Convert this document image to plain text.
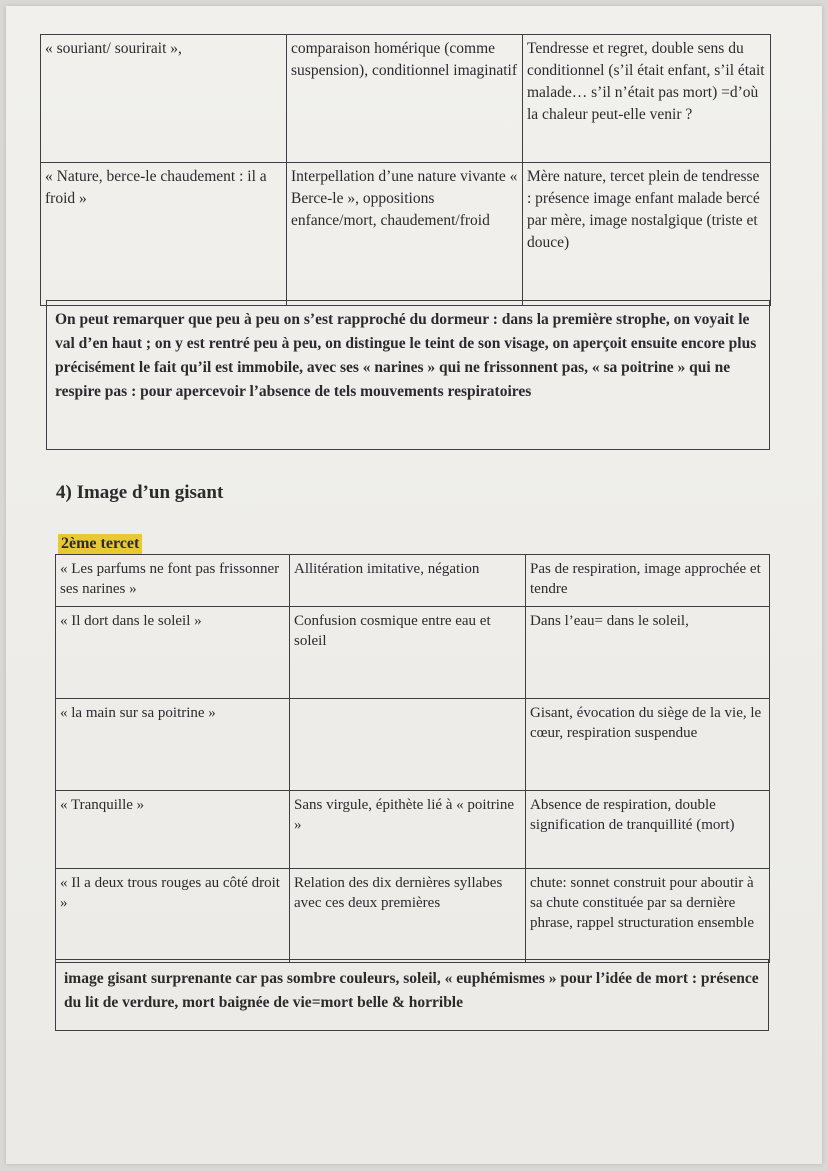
« souriant/ sourirait »,	comparaison homérique (comme suspension), conditionnel imaginatif	Tendresse et regret, double sens du conditionnel (s’il était enfant, s’il était malade… s’il n’était pas mort) =d’où la chaleur peut-elle venir ?
« Nature, berce-le chaudement : il a froid »	Interpellation d’une nature vivante « Berce-le », oppositions enfance/mort, chaudement/froid	Mère nature, tercet plein de tendresse : présence image enfant malade bercé par mère, image nostalgique (triste et douce)
On peut remarquer que peu à peu on s’est rapproché du dormeur : dans la première strophe, on voyait le val d’en haut ; on y est rentré peu à peu, on distingue le teint de son visage, on aperçoit ensuite encore plus précisément le fait qu’il est immobile, avec ses « narines » qui ne frissonnent pas, « sa poitrine » qui ne respire pas : pour apercevoir l’absence de tels mouvements respiratoires
4) Image d’un gisant
2ème tercet
« Les parfums ne font pas frissonner ses narines »	Allitération imitative, négation	Pas de respiration, image approchée et tendre
« Il dort dans le soleil »	Confusion cosmique entre eau et soleil	Dans l’eau= dans le soleil,
« la main sur sa poitrine »		Gisant, évocation du siège de la vie, le cœur, respiration suspendue
« Tranquille »	Sans virgule, épithète lié à « poitrine »	Absence de respiration, double signification de tranquillité (mort)
« Il a deux trous rouges au côté droit »	Relation des dix dernières syllabes avec ces deux premières	chute: sonnet construit pour aboutir à sa chute constituée par sa dernière phrase, rappel structuration ensemble
image gisant surprenante car pas sombre couleurs, soleil, « euphémismes » pour l’idée de mort : présence du lit de verdure, mort baignée de vie=mort belle & horrible
